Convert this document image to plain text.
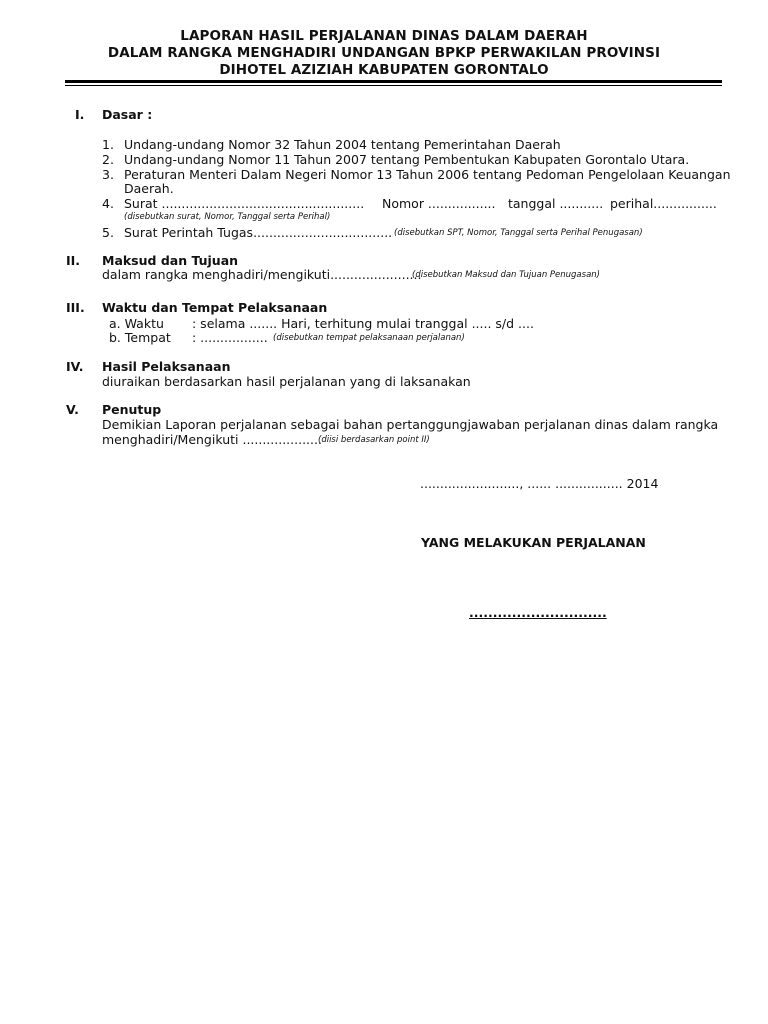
LAPORAN HASIL PERJALANAN DINAS DALAM DAERAH
DALAM RANGKA MENGHADIRI UNDANGAN BPKP PERWAKILAN PROVINSI
DIHOTEL AZIZIAH KABUPATEN GORONTALO
I. Dasar :
1. Undang-undang Nomor 32 Tahun 2004 tentang Pemerintahan Daerah
2. Undang-undang Nomor 11 Tahun 2007 tentang Pembentukan Kabupaten Gorontalo Utara.
3. Peraturan Menteri Dalam Negeri Nomor 13 Tahun 2006 tentang Pedoman Pengelolaan Keuangan
Daerah.
4. Surat ................................................... Nomor ................. tanggal ........... perihal................
(disebutkan surat, Nomor, Tanggal serta Perihal)
5. Surat Perintah Tugas................................... (disebutkan SPT, Nomor, Tanggal serta Perihal Penugasan)
II. Maksud dan Tujuan
dalam rangka menghadiri/mengikuti.......................
(disebutkan Maksud dan Tujuan Penugasan)
III. Waktu dan Tempat Pelaksanaan
a. Waktu : selama ....... Hari, terhitung mulai tranggal ..... s/d ....
b. Tempat : ................. (disebutkan tempat pelaksanaan perjalanan)
IV. Hasil Pelaksanaan
diuraikan berdasarkan hasil perjalanan yang di laksanakan
V. Penutup
Demikian Laporan perjalanan sebagai bahan pertanggungjawaban perjalanan dinas dalam rangka
menghadiri/Mengikuti ....................
(diisi berdasarkan point II)
........................., ...... ................. 2014
YANG MELAKUKAN PERJALANAN
.............................
